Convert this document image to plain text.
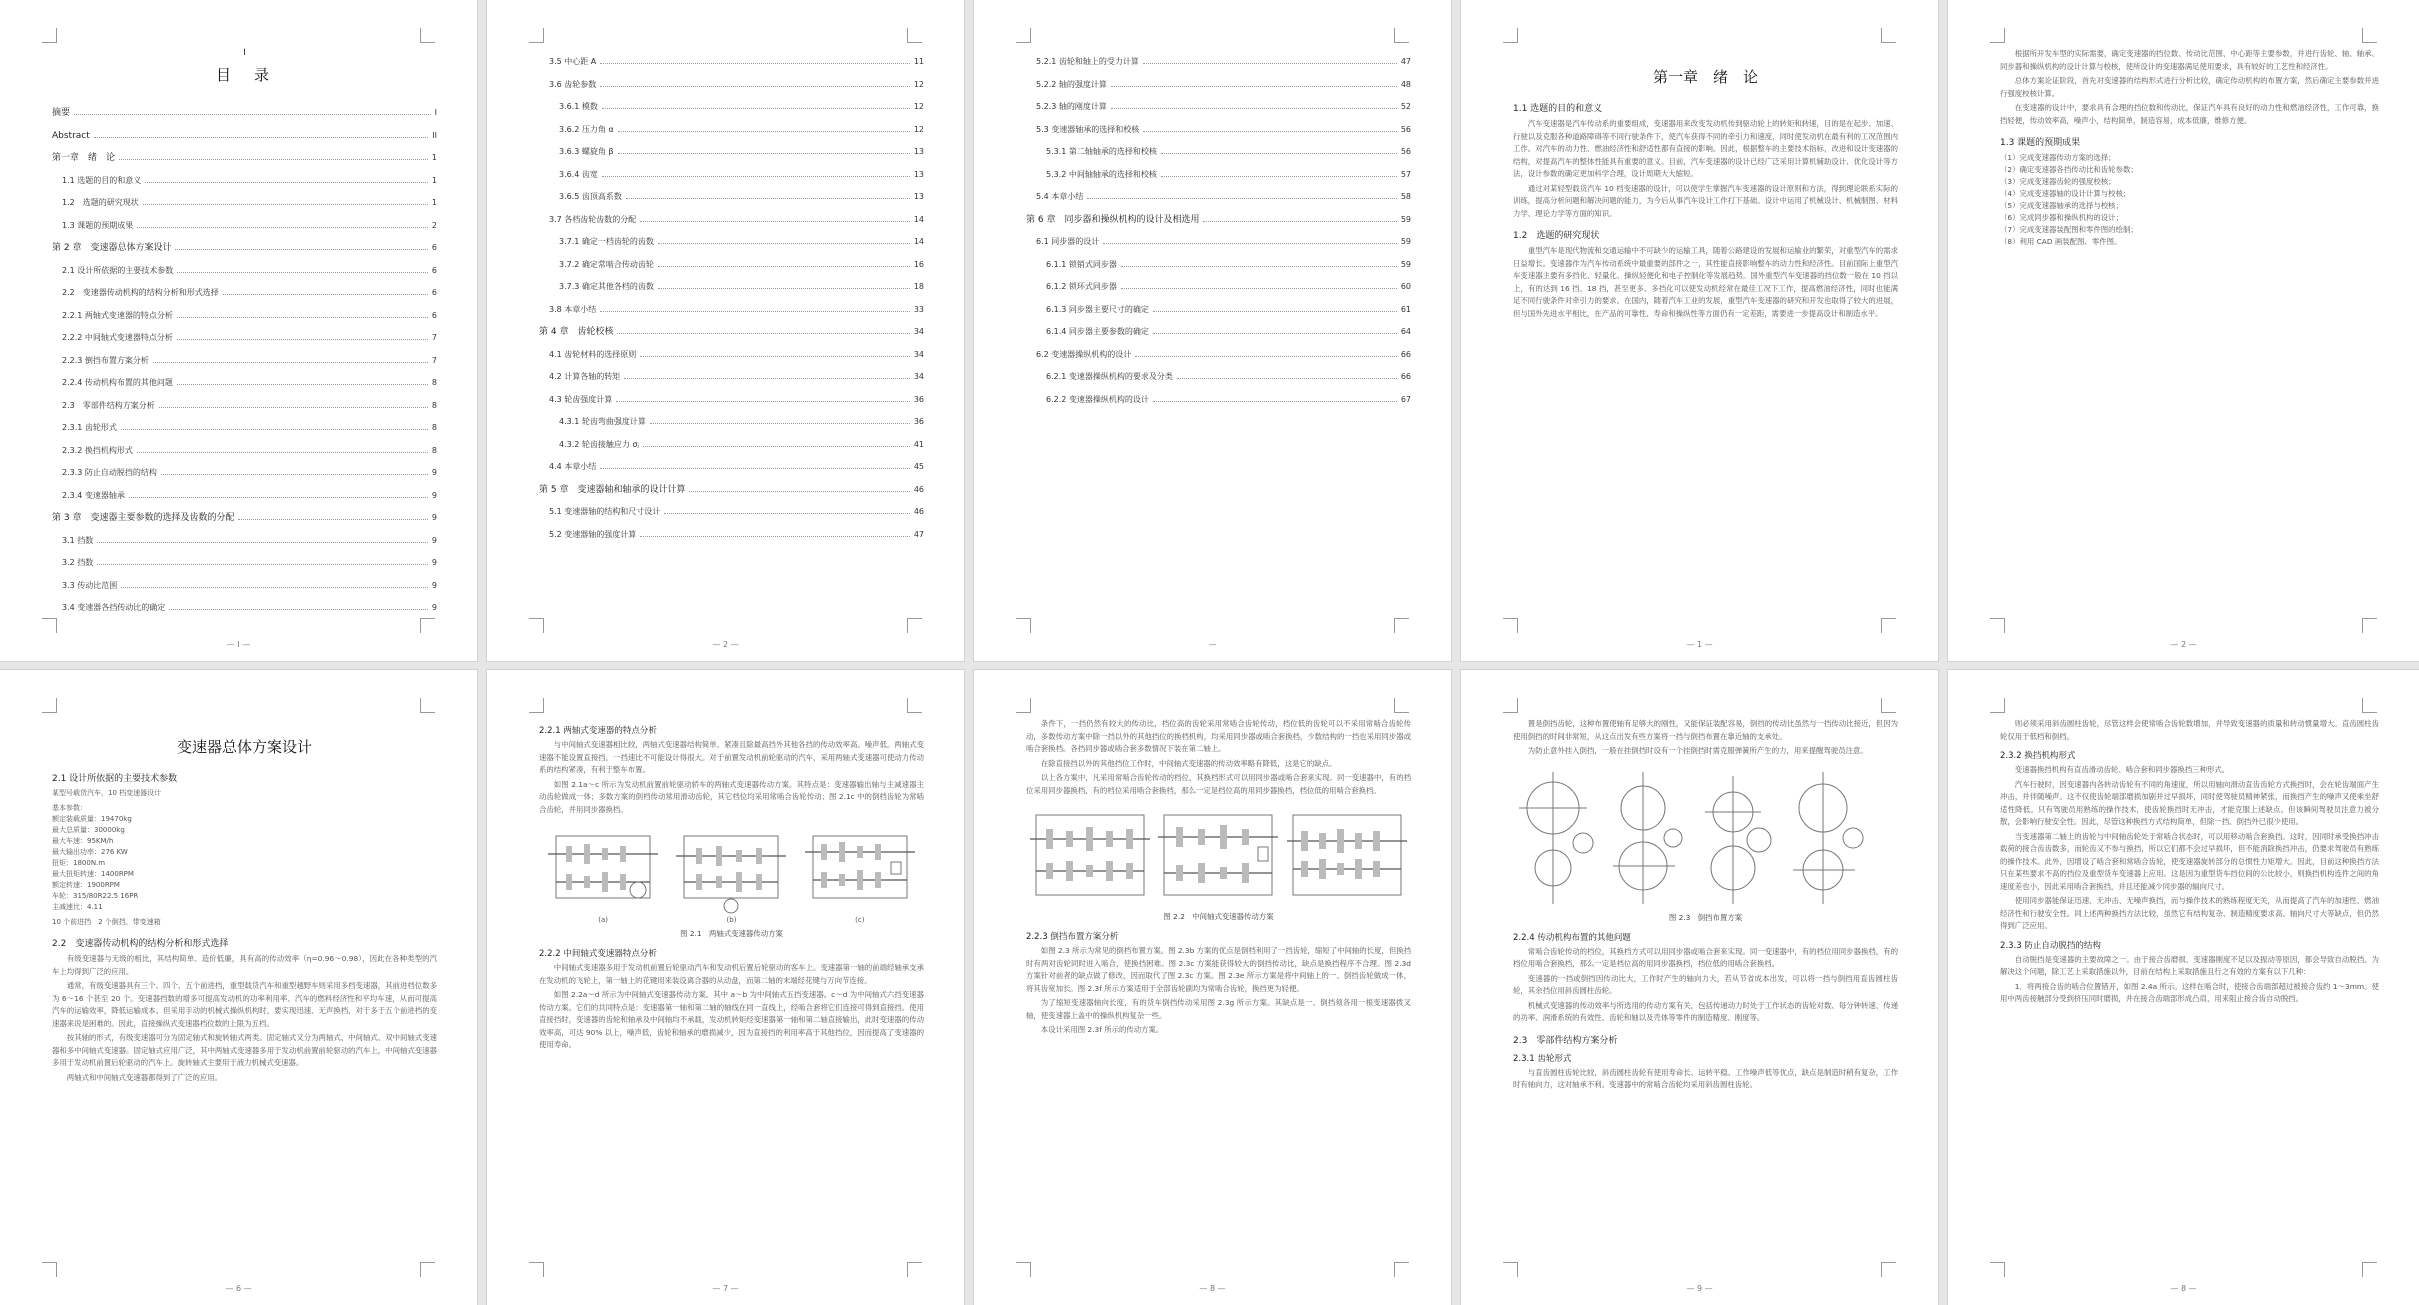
I
目　录
摘要	I
Abstract	II
第一章　绪　论	1
1.1 选题的目的和意义	1
1.2　选题的研究现状	1
1.3 课题的预期成果	2
第 2 章　变速器总体方案设计	6
2.1 设计所依据的主要技术参数	6
2.2　变速器传动机构的结构分析和形式选择	6
2.2.1 两轴式变速器的特点分析	6
2.2.2 中间轴式变速器特点分析	7
2.2.3 倒挡布置方案分析	7
2.2.4 传动机构布置的其他问题	8
2.3　零部件结构方案分析	8
2.3.1 齿轮形式	8
2.3.2 换挡机构形式	8
2.3.3 防止自动脱挡的结构	9
2.3.4 变速器轴承	9
第 3 章　变速器主要参数的选择及齿数的分配	9
3.1 挡数	9
3.2 挡数	9
3.3 传动比范围	9
3.4 变速器各挡传动比的确定	9
— I —
3.5 中心距 A	11
3.6 齿轮参数	12
3.6.1 模数	12
3.6.2 压力角 α	12
3.6.3 螺旋角 β	13
3.6.4 齿宽	13
3.6.5 齿顶高系数	13
3.7 各档齿轮齿数的分配	14
3.7.1 确定一档齿轮的齿数	14
3.7.2 确定常啮合传动齿轮	16
3.7.3 确定其他各档的齿数	18
3.8 本章小结	33
第 4 章　齿轮校核	34
4.1 齿轮材料的选择原则	34
4.2 计算各轴的转矩	34
4.3 轮齿强度计算	36
4.3.1 轮齿弯曲强度计算	36
4.3.2 轮齿接触应力 σⱼ	41
4.4 本章小结	45
第 5 章　变速器轴和轴承的设计计算	46
5.1 变速器轴的结构和尺寸设计	46
5.2 变速器轴的强度计算	47
— 2 —
5.2.1 齿轮和轴上的受力计算	47
5.2.2 轴的强度计算	48
5.2.3 轴的刚度计算	52
5.3 变速器轴承的选择和校核	56
5.3.1 第二轴轴承的选择和校核	56
5.3.2 中间轴轴承的选择和校核	57
5.4 本章小结	58
第 6 章　同步器和操纵机构的设计及相选用	59
6.1 同步器的设计	59
6.1.1 锁销式同步器	59
6.1.2 锁环式同步器	60
6.1.3 同步器主要尺寸的确定	61
6.1.4 同步器主要参数的确定	64
6.2 变速器操纵机构的设计	66
6.2.1 变速器操纵机构的要求及分类	66
6.2.2 变速器操纵机构的设计	67
—
第一章　绪　论
1.1 选题的目的和意义

汽车变速器是汽车传动系的重要组成，变速器用来改变发动机传到驱动轮上的转矩和转速，目的是在起步、加速、行驶以及克服各种道路障碍等不同行驶条件下，使汽车获得不同的牵引力和速度，同时使发动机在最有利的工况范围内工作。对汽车的动力性、燃油经济性和舒适性都有直接的影响。因此，根据整车的主要技术指标，改进和设计变速器的结构，对提高汽车的整体性能具有重要的意义。目前，汽车变速器的设计已经广泛采用计算机辅助设计、优化设计等方法，设计参数的确定更加科学合理，设计周期大大缩短。

通过对某轻型载货汽车 10 档变速器的设计，可以使学生掌握汽车变速器的设计原则和方法，得到理论联系实际的训练，提高分析问题和解决问题的能力，为今后从事汽车设计工作打下基础。设计中运用了机械设计、机械制图、材料力学、理论力学等方面的知识。

1.2　选题的研究现状

重型汽车是现代物流和交通运输中不可缺少的运输工具，随着公路建设的发展和运输业的繁荣，对重型汽车的需求日益增长。变速器作为汽车传动系统中最重要的部件之一，其性能直接影响整车的动力性和经济性。目前国际上重型汽车变速器主要有多挡化、轻量化、操纵轻便化和电子控制化等发展趋势。国外重型汽车变速器的挡位数一般在 10 挡以上，有的达到 16 挡、18 挡，甚至更多。多挡化可以使发动机经常在最佳工况下工作，提高燃油经济性，同时也能满足不同行驶条件对牵引力的要求。在国内，随着汽车工业的发展，重型汽车变速器的研究和开发也取得了较大的进展，但与国外先进水平相比，在产品的可靠性、寿命和操纵性等方面仍有一定差距，需要进一步提高设计和制造水平。

— 1 —

根据所开发车型的实际需要，确定变速器的挡位数、传动比范围、中心距等主要参数，并进行齿轮、轴、轴承、同步器和操纵机构的设计计算与校核，使所设计的变速器满足使用要求，具有较好的工艺性和经济性。

总体方案论证阶段，首先对变速器的结构形式进行分析比较，确定传动机构的布置方案，然后确定主要参数并进行强度校核计算。

在变速器的设计中，要求具有合理的挡位数和传动比，保证汽车具有良好的动力性和燃油经济性，工作可靠，换挡轻便，传动效率高，噪声小，结构简单，制造容易，成本低廉，维修方便。

1.3 课题的预期成果
（1）完成变速器传动方案的选择；
（2）确定变速器各挡传动比和齿轮参数；
（3）完成变速器齿轮的强度校核；
（4）完成变速器轴的设计计算与校核；
（5）完成变速器轴承的选择与校核；
（6）完成同步器和操纵机构的设计；
（7）完成变速器装配图和零件图的绘制；
（8）利用 CAD 画装配图、零件图。
— 2 —
变速器总体方案设计
2.1 设计所依据的主要技术参数
某型号载货汽车，10 档变速器设计
基本参数：
额定装载质量：19470kg
最大总质量：30000kg
最大车速：95KM/h
最大输出功率：276 KW
扭矩：1800N.m
最大扭矩转速：1400RPM
额定转速：1900RPM
车轮：315/80R22.5 16PR
主减速比：4.11
10 个前进挡　2 个倒挡，带变速箱
2.2　变速器传动机构的结构分析和形式选择

有级变速器与无级的相比，其结构简单、造价低廉，具有高的传动效率（η=0.96～0.98），因此在各种类型的汽车上均得到广泛的应用。

通常，有级变速器具有三个、四个、五个前进档，重型载货汽车和重型越野车则采用多档变速器，其前进档位数多为 6～16 个甚至 20 个。变速器挡数的增多可提高发动机的功率利用率、汽车的燃料经济性和平均车速，从而可提高汽车的运输效率，降低运输成本。但采用手动的机械式操纵机构时，要实现迅速、无声换档，对于多于五个前进档的变速器来说是困难的。因此，直接操纵式变速器档位数的上限为五档。

按其轴的形式，有级变速器可分为固定轴式和旋转轴式两类。固定轴式又分为两轴式、中间轴式、双中间轴式变速器和多中间轴式变速器。固定轴式应用广泛，其中两轴式变速器多用于发动机前置前轮驱动的汽车上，中间轴式变速器多用于发动机前置后轮驱动的汽车上。旋转轴式主要用于液力机械式变速器。

两轴式和中间轴式变速器都得到了广泛的应用。

— 6 —
2.2.1 两轴式变速器的特点分析

与中间轴式变速器相比较，两轴式变速器结构简单、紧凑且除最高挡外其他各挡的传动效率高、噪声低。两轴式变速器不能设置直接挡，一挡速比不可能设计得很大。对于前置发动机前轮驱动的汽车，采用两轴式变速器可使动力传动系的结构紧凑，有利于整车布置。

如图 2.1a～c 所示为发动机前置前轮驱动轿车的两轴式变速器传动方案。其特点是：变速器输出轴与主减速器主动齿轮做成一体；多数方案的倒档传动常用滑动齿轮，其它档位均采用常啮合齿轮传动；图 2.1c 中的倒档齿轮为常啮合齿轮，并用同步器换档。

(a)	(b)	(c)
图 2.1　两轴式变速器传动方案
2.2.2 中间轴式变速器特点分析

中间轴式变速器多用于发动机前置后轮驱动汽车和发动机后置后轮驱动的客车上。变速器第一轴的前端经轴承支承在发动机的飞轮上，第一轴上的花键用来装设离合器的从动盘，而第二轴的末端经花键与万向节连接。

如图 2.2a～d 所示为中间轴式变速器传动方案。其中 a～b 为中间轴式五挡变速器。c～d 为中间轴式六挡变速器传动方案。它们的共同特点是：变速器第一轴和第二轴的轴线在同一直线上，经啮合套将它们连接可得到直接挡。使用直接挡时，变速器的齿轮和轴承及中间轴均不承载，发动机转矩经变速器第一轴和第二轴直接输出，此时变速器的传动效率高，可达 90% 以上，噪声低，齿轮和轴承的磨损减少，因为直接挡的利用率高于其他挡位，因而提高了变速器的使用寿命。

— 7 —

条件下，一挡仍然有较大的传动比，档位高的齿轮采用常啮合齿轮传动，档位低的齿轮可以不采用常啮合齿轮传动，多数传动方案中除一挡以外的其他挡位的换档机构，均采用同步器或啮合套换档，少数结构的一挡也采用同步器或啮合套换档。各挡同步器或啮合套多数情况下装在第二轴上。

在除直接挡以外的其他挡位工作时，中间轴式变速器的传动效率略有降低，这是它的缺点。

以上各方案中，凡采用常啮合齿轮传动的档位，其换档形式可以用同步器或啮合套来实现。同一变速器中，有的档位采用同步器换档，有的档位采用啮合套换档，那么一定是档位高的用同步器换档，档位低的用啮合套换档。

图 2.2　中间轴式变速器传动方案
2.2.3 倒挡布置方案分析

如图 2.3 所示为常见的倒档布置方案。图 2.3b 方案的优点是倒档利用了一挡齿轮，缩短了中间轴的长度，但换挡时有两对齿轮同时进入啮合，使换挡困难。图 2.3c 方案能获得较大的倒挡传动比，缺点是换挡程序不合理。图 2.3d 方案针对前者的缺点做了修改，因而取代了图 2.3c 方案。图 2.3e 所示方案是将中间轴上的一、倒挡齿轮做成一体，将其齿宽加长。图 2.3f 所示方案适用于全部齿轮副均为常啮合齿轮，换挡更为轻便。

为了缩短变速器轴向长度，有的货车倒挡传动采用图 2.3g 所示方案。其缺点是一、倒挡须各用一根变速器拨叉轴，使变速器上盖中的操纵机构复杂一些。

本设计采用图 2.3f 所示的传动方案。

— 8 —

置是倒挡齿轮，这种布置使轴有足够大的刚性，又能保证装配容易，倒挡的传动比虽然与一挡传动比接近，但因为使用倒挡的时间非常短，从这点出发有些方案将一挡与倒挡布置在靠近轴的支承处。

为防止意外挂入倒挡，一般在挂倒挡时设有一个挂倒挡时需克服弹簧所产生的力，用来提醒驾驶员注意。

图 2.3　倒挡布置方案
2.2.4 传动机构布置的其他问题

常啮合齿轮传动的档位，其换档方式可以用同步器或啮合套来实现。同一变速器中，有的档位用同步器换档，有的档位用啮合套换档，那么一定是档位高的用同步器换档，档位低的用啮合套换档。

变速器的一挡或倒挡因传动比大，工作时产生的轴向力大，若从节省成本出发，可以将一挡与倒挡用直齿圆柱齿轮，其余挡位用斜齿圆柱齿轮。

机械式变速器的传动效率与所选用的传动方案有关，包括传递动力时处于工作状态的齿轮对数、每分钟转速、传递的功率、润滑系统的有效性、齿轮和轴以及壳体等零件的制造精度、刚度等。

2.3　零部件结构方案分析
2.3.1 齿轮形式

与直齿圆柱齿轮比较，斜齿圆柱齿轮有使用寿命长、运转平稳、工作噪声低等优点，缺点是制造时稍有复杂，工作时有轴向力，这对轴承不利。变速器中的常啮合齿轮均采用斜齿圆柱齿轮。

— 9 —

则必须采用斜齿圆柱齿轮，尽管这样会使常啮合齿轮数增加，并导致变速器的质量和转动惯量增大。直齿圆柱齿轮仅用于低档和倒档。

2.3.2 换挡机构形式

变速器换挡机构有直齿滑动齿轮、啮合套和同步器换挡三种形式。

汽车行驶时，因变速器内各转动齿轮有不同的角速度，所以用轴向滑动直齿齿轮方式换挡时，会在轮齿端面产生冲击，并伴随噪声。这不仅使齿轮端部磨损加剧并过早损坏，同时使驾驶员精神紧张，而换挡产生的噪声又使乘坐舒适性降低。只有驾驶员用熟练的操作技术，使齿轮换挡时无冲击，才能克服上述缺点。但该瞬间驾驶员注意力被分散，会影响行驶安全性。因此，尽管这种换挡方式结构简单，但除一挡、倒挡外已很少使用。

当变速器第二轴上的齿轮与中间轴齿轮处于常啮合状态时，可以用移动啮合套换挡。这时，因同时承受换挡冲击载荷的接合齿齿数多，而轮齿又不参与换挡，所以它们都不会过早损坏，但不能消除换挡冲击，仍要求驾驶员有熟练的操作技术。此外，因增设了啮合套和常啮合齿轮，使变速器旋转部分的总惯性力矩增大。因此，目前这种换挡方法只在某些要求不高的挡位及重型货车变速器上应用。这是因为重型货车挡位间的公比较小，则换挡机构连件之间的角速度差也小，因此采用啮合套换挡，并且还能减少同步器的辐向尺寸。

使用同步器能保证迅速、无冲击、无噪声换挡，而与操作技术的熟练程度无关，从而提高了汽车的加速性、燃油经济性和行驶安全性。同上述两种换挡方法比较，虽然它有结构复杂、制造精度要求高、轴向尺寸大等缺点，但仍然得到广泛应用。

2.3.3 防止自动脱挡的结构

自动脱挡是变速器的主要故障之一。由于接合齿磨损、变速器刚度不足以及振动等原因，都会导致自动脱挡。为解决这个问题，除工艺上采取措施以外，目前在结构上采取措施且行之有效的方案有以下几种：

1．将两接合齿的啮合位置错开，如图 2.4a 所示。这样在啮合时，使接合齿端部超过被接合齿约 1～3mm。使用中两齿接触部分受到挤压同时磨损，并在接合齿端部形成凸肩，用来阻止接合齿自动脱挡。

— 8 —
